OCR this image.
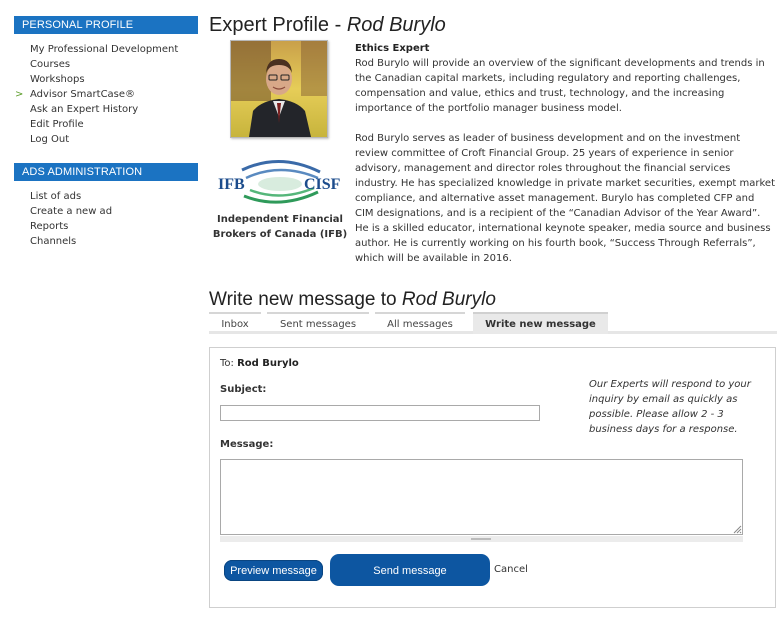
PERSONAL PROFILE
My Professional Development
Courses
Workshops
> Advisor SmartCase®
Ask an Expert History
Edit Profile
Log Out
ADS ADMINISTRATION
List of ads
Create a new ad
Reports
Channels
Expert Profile - Rod Burylo
IFB	CISF
Independent Financial Brokers of Canada (IFB)
Ethics Expert

Rod Burylo will provide an overview of the significant developments and trends in the Canadian capital markets, including regulatory and reporting challenges, compensation and value, ethics and trust, technology, and the increasing importance of the portfolio manager business model.

Rod Burylo serves as leader of business development and on the investment review committee of Croft Financial Group. 25 years of experience in senior advisory, management and director roles throughout the financial services industry. He has specialized knowledge in private market securities, exempt market compliance, and alternative asset management. Burylo has completed CFP and CIM designations, and is a recipient of the “Canadian Advisor of the Year Award”. He is a skilled educator, international keynote speaker, media source and business author. He is currently working on his fourth book, “Success Through Referrals”, which will be available in 2016.

Write new message to Rod Burylo
Inbox	Sent messages	All messages	Write new message
To: Rod Burylo
Subject:	Our Experts will respond to your inquiry by email as quickly as possible. Please allow 2 - 3 business days for a response.
Message:
Preview message	Send message	Cancel
